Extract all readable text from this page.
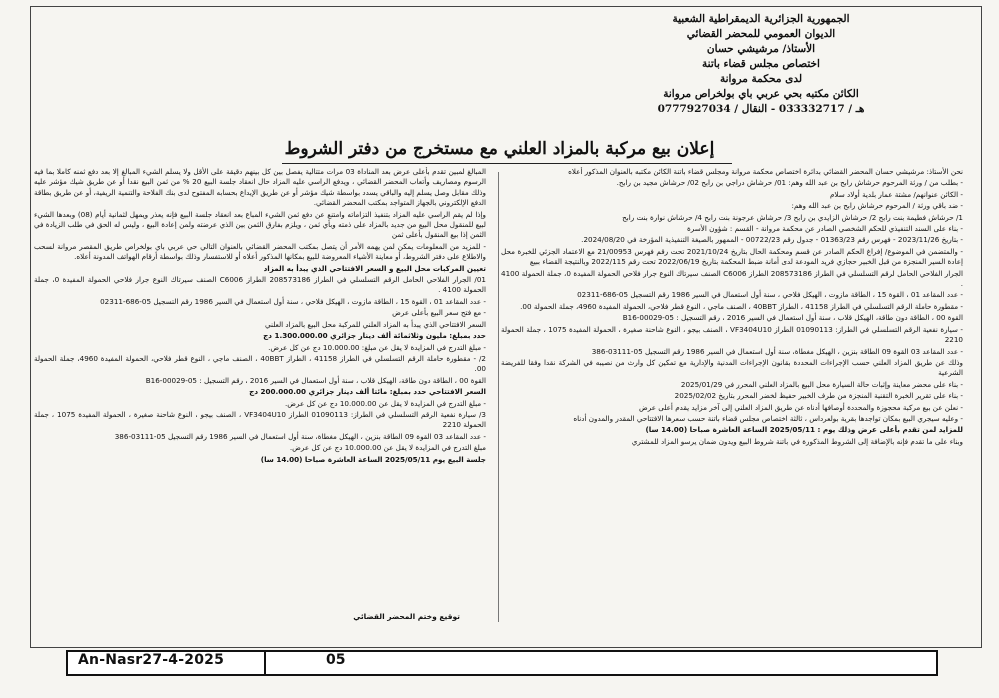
الجمهورية الجزائرية الديمقراطية الشعبية
الديوان العمومي للمحضر القضائي
الأستاذ/ مرشيشي حسان
اختصاص مجلس قضاء باتنة
لدى محكمة مروانة
الكائن مكتبه بحي عربي باي بولخراص مروانة
هـ / 033332717 - النقال / 0777927034
إعلان بيع مركبة بالمزاد العلني مع مستخرج من دفتر الشروط

نحن الأستاذ: مرشيشي حسان المحضر القضائي بدائرة اختصاص محكمة مروانة ومجلس قضاء باتنة الكائن مكتبه بالعنوان المذكور أعلاه

- بطلب من / ورثة المرحوم حرشاش رابح بن عبد الله وهم: 01/ حرشاش دراجي بن رابح 02/ حرشاش مجيد بن رابح.

- الكائن عنوانهم/ مشتة عمار بلدية أولاد سلام

- ضد باقي ورثة / المرحوم حرشاش رابح بن عبد الله وهم:

1/ حرشاش فطيمة بنت رابح 2/ حرشاش الزايدي بن رابح 3/ حرشاش عرجونة بنت رابح 4/ حرشاش نوارة بنت رابح

- بناء على السند التنفيذي للحكم الشخصي الصادر عن محكمة مروانة - القسم : شؤون الأسرة

- بتاريخ 2023/11/26 - فهرس رقم 01363/23 - جدول رقم 00722/23 - الممهور بالصيغة التنفيذية المؤرخة في 2024/08/20.

- والمتضمن في الموضوع/ إفراغ الحكم الصادر عن قسم ومحكمة الحال بتاريخ 2021/10/24 تحت رقم فهرس 21/00953 مع الاعتماد الجزئي للخبرة محل إعادة السير المنجزة من قبل الخبير حجازي فريد المودعة لدى أمانة ضبط المحكمة بتاريخ 2022/06/19 تحت رقم 2022/115 وبالنتيجة القضاء ببيع

الجرار الفلاحي الحامل لرقم التسلسلي في الطراز 208573186 الطراز C6006 الصنف سيرتاك النوع جرار فلاحي الحمولة المفيدة 0، جملة الحمولة 4100 .

- عدد المقاعد 01 ، القوة 15 ، الطاقة مازوت ، الهيكل فلاحي ، سنة أول استعمال في السير 1986 رقم التسجيل 05-686-02311

- مقطورة حاملة الرقم التسلسلي في الطراز 41158 ، الطراز 40BBT ، الصنف ماجي ، النوع قطر فلاحي، الحمولة المفيدة 4960، جملة الحمولة 00.

القوة 00 ، الطاقة دون طاقة، الهيكل قلاب ، سنة أول استعمال في السير 2016 ، رقم التسجيل : 05-00029-B16

- سيارة نفعية الرقم التسلسلي في الطراز: 01090113 الطراز VF3404U10 ، الصنف بيجو ، النوع شاحنة صغيرة ، الحمولة المفيدة 1075 ، جملة الحمولة 2210

- عدد المقاعد 03 القوة 09 الطاقة بنزين ، الهيكل مغطاة، سنة أول استعمال في السير 1986 رقم التسجيل 05-03111-386

وذلك عن طريق المزاد العلني حسب الإجراءات المحددة بقانون الإجراءات المدنية والإدارية مع تمكين كل وارث من نصيبه في الشركة نقدا وفقا للفريضة الشرعية

- بناء على محضر معاينة وإثبات حالة السيارة محل البيع بالمزاد العلني المحرر في 2025/01/29

- بناء على تقرير الخبرة التقنية المنجزة من طرف الخبير حفيظ لخضر المحرر بتاريخ 2025/02/02

- نعلن عن بيع مركبة محجوزة والمحددة أوصافها أدناه عن طريق المزاد العلني إلى آخر مزايد يقدم أعلى عرض

- وعليه سيجري البيع بمكان تواجدها بقرية بولعرداس ، ثالثة اختصاص مجلس قضاء باتنة حسب سعرها الافتتاحي المقدر والمدون أدناه

للمزايد لمن تقدم بأعلى عرض وذلك يوم : 2025/05/11 الساعة العاشرة صباحا (14.00 سا)

وبناء على ما تقدم فإنه بالإضافة إلى الشروط المذكورة في باتنة شروط البيع ويدون ضمان يرسو المزاد للمشتري

المبالغ لمبين تقدم بأعلى عرض بعد المناداة 03 مرات متتالية يفصل بين كل بينهم دقيقة على الأقل ولا يسلم الشيء المبالغ إلا بعد دفع ثمنه كاملا بما فيه الرسوم ومصاريف وأتعاب المحضر القضائي ، ويدفع الراسي عليه المزاد حال انعقاد جلسة البيع 20 % من ثمن البيع نقدا أو عن طريق شيك مؤشر عليه وذلك مقابل وصل يسلم إليه والباقي يسدد بواسطة شيك مؤشر أو عن طريق الإيداع بحسابه المفتوح لدى بنك الفلاحة والتنمية الريفية، أو عن طريق بطاقة الدفع الإلكتروني بالجهاز المتواجد بمكتب المحضر القضائي.

وإذا لم يقم الراسي عليه المزاد بتنفيذ التزاماته وامتنع عن دفع ثمن الشيء المباع بعد انعقاد جلسة البيع فإنه يعذر ويمهل لثمانية أيام (08) وبعدها الشيء لبيع للمنقول محل البيع من جديد بالمزاد على ذمته وبأي ثمن ، ويلزم بفارق الثمن بين الذي عرضته ولمن إعادة البيع ، وليس له الحق في طلب الزيادة في الثمن إذا بيع المنقول بأعلى ثمن

- للمزيد من المعلومات يمكن لمن يهمه الأمر أن يتصل بمكتب المحضر القضائي بالعنوان التالي حي عربي باي بولخراص طريق المقصر مروانة لسحب والاطلاع على دفتر الشروط، أو معاينة الأشياء المعروضة للبيع بمكانها المذكور أعلاه أو للاستفسار وذلك بواسطة أرقام الهواتف المدونة أعلاه.

تعيين المركبات محل البيع و السعر الافتتاحي الذي يبدأ به المزاد

01/ الجرار الفلاحي الحامل الرقم التسلسلي في الطراز 208573186 الطراز C6006 الصنف سيرتاك النوع جرار فلاحي الحمولة المفيدة 0، جملة الحمولة 4100 .

- عدد المقاعد 01 ، القوة 15 ، الطاقة مازوت ، الهيكل فلاحي ، سنة أول استعمال في السير 1986 رقم التسجيل 05-686-02311

- مع فتح سعر البيع بأعلى عرض

السعر الافتتاحي الذي يبدأ به المزاد العلني للمركبة محل البيع بالمزاد العلني

حدد بمبلغ: مليون وثلاثمائة ألف دينار جزائري 1.300.000.00 دج

- مبلغ التدرج في المزايدة لا يقل عن مبلغ: 10.000.00 دج عن كل عرض.

2/ - مقطورة حاملة الرقم التسلسلي في الطراز 41158 ، الطراز 40BBT ، الصنف ماجي ، النوع قطر فلاحي، الحمولة المفيدة 4960، جملة الحمولة 00.

القوة 00 ، الطاقة دون طاقة، الهيكل قلاب ، سنة أول استعمال في السير 2016 ، رقم التسجيل : 05-00029-B16

السعر الافتتاحي حدد بمبلغ: مائتا ألف دينار جزائري 200.000.00 دج

- مبلغ التدرج في المزايدة لا يقل عن 10.000.00 دج عن كل عرض.

3/ سيارة نفعية الرقم التسلسلي في الطراز: 01090113 الطراز VF3404U10 ، الصنف بيجو ، النوع شاحنة صغيرة ، الحمولة المفيدة 1075 ، جملة الحمولة 2210

- عدد المقاعد 03 القوة 09 الطاقة بنزين ، الهيكل مغطاة، سنة أول استعمال في السير 1986 رقم التسجيل 05-03111-386

مبلغ التدرج في المزايدة لا يقل عن 10.000.00 دج عن كل عرض.

جلسة البيع يوم 2025/05/11 الساعة العاشرة صباحا (14.00 سا)

توقيع وختم المحضر القضائي
An-Nasr27-4-2025	05
